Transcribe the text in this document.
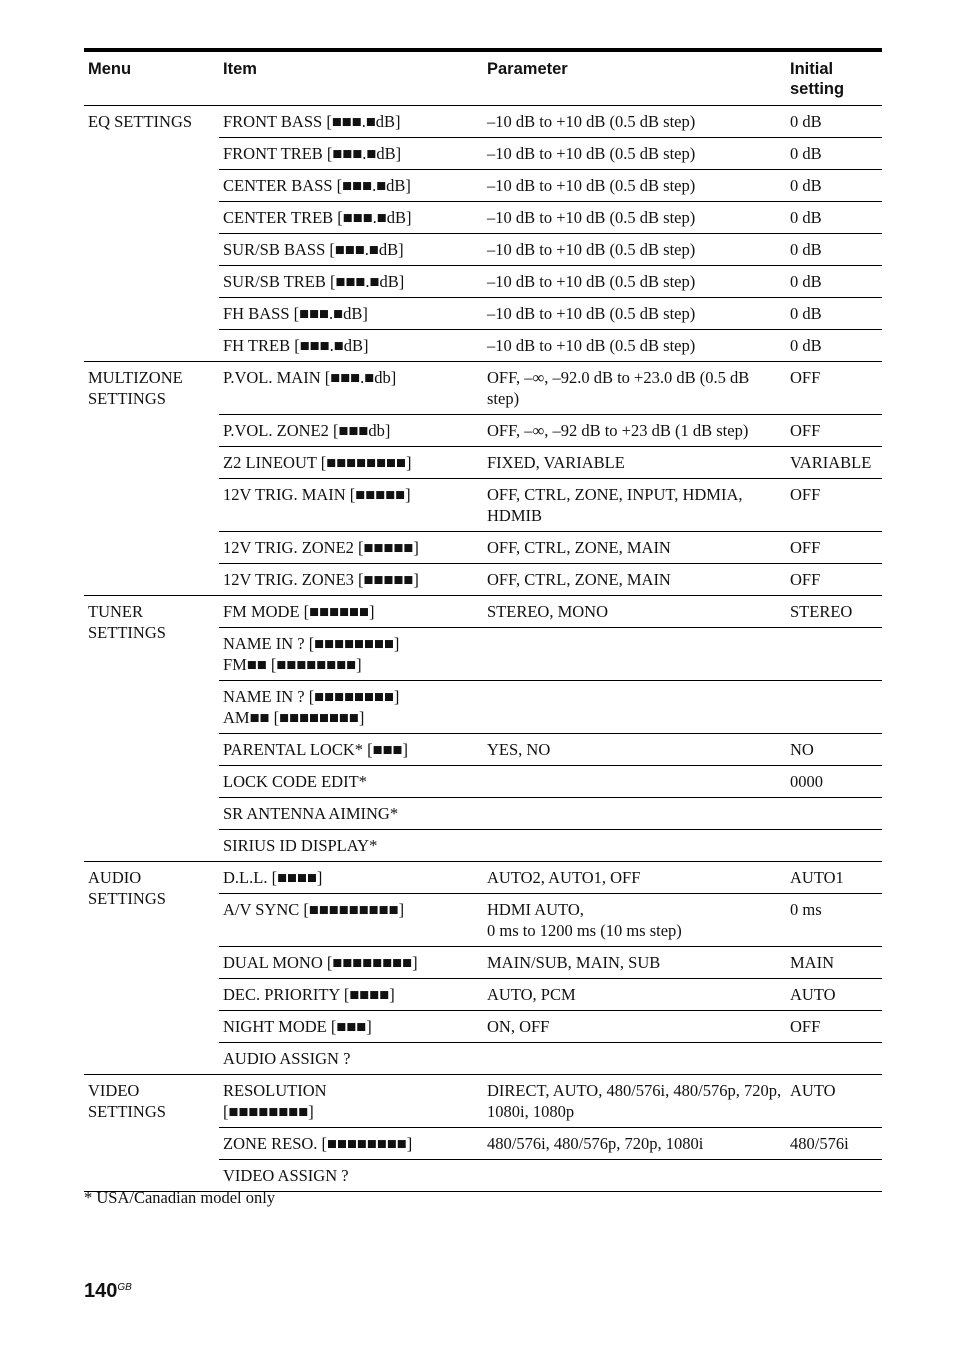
Menu	Item	Parameter	Initial setting
EQ SETTINGS	FRONT BASS [■■■.■dB]	–10 dB to +10 dB (0.5 dB step)	0 dB
	FRONT TREB [■■■.■dB]	–10 dB to +10 dB (0.5 dB step)	0 dB
	CENTER BASS [■■■.■dB]	–10 dB to +10 dB (0.5 dB step)	0 dB
	CENTER TREB [■■■.■dB]	–10 dB to +10 dB (0.5 dB step)	0 dB
	SUR/SB BASS [■■■.■dB]	–10 dB to +10 dB (0.5 dB step)	0 dB
	SUR/SB TREB [■■■.■dB]	–10 dB to +10 dB (0.5 dB step)	0 dB
	FH BASS [■■■.■dB]	–10 dB to +10 dB (0.5 dB step)	0 dB
	FH TREB [■■■.■dB]	–10 dB to +10 dB (0.5 dB step)	0 dB
MULTIZONE
SETTINGS	P.VOL. MAIN [■■■.■db]	OFF, –∞, –92.0 dB to +23.0 dB (0.5 dB step)	OFF
	P.VOL. ZONE2 [■■■db]	OFF, –∞, –92 dB to +23 dB (1 dB step)	OFF
	Z2 LINEOUT [■■■■■■■■]	FIXED, VARIABLE	VARIABLE
	12V TRIG. MAIN [■■■■■]	OFF, CTRL, ZONE, INPUT, HDMIA, HDMIB	OFF
	12V TRIG. ZONE2 [■■■■■]	OFF, CTRL, ZONE, MAIN	OFF
	12V TRIG. ZONE3 [■■■■■]	OFF, CTRL, ZONE, MAIN	OFF
TUNER
SETTINGS	FM MODE [■■■■■■]	STEREO, MONO	STEREO
	NAME IN ? [■■■■■■■■]
FM■■ [■■■■■■■■]		
	NAME IN ? [■■■■■■■■]
AM■■ [■■■■■■■■]		
	PARENTAL LOCK* [■■■]	YES, NO	NO
	LOCK CODE EDIT*		0000
	SR ANTENNA AIMING*		
	SIRIUS ID DISPLAY*		
AUDIO
SETTINGS	D.L.L. [■■■■]	AUTO2, AUTO1, OFF	AUTO1
	A/V SYNC [■■■■■■■■■]	HDMI AUTO,
0 ms to 1200 ms (10 ms step)	0 ms
	DUAL MONO [■■■■■■■■]	MAIN/SUB, MAIN, SUB	MAIN
	DEC. PRIORITY [■■■■]	AUTO, PCM	AUTO
	NIGHT MODE [■■■]	ON, OFF	OFF
	AUDIO ASSIGN ?		
VIDEO
SETTINGS	RESOLUTION
[■■■■■■■■]	DIRECT, AUTO, 480/576i, 480/576p, 720p, 1080i, 1080p	AUTO
	ZONE RESO. [■■■■■■■■]	480/576i, 480/576p, 720p, 1080i	480/576i
	VIDEO ASSIGN ?		
* USA/Canadian model only
$140^{GB}$
